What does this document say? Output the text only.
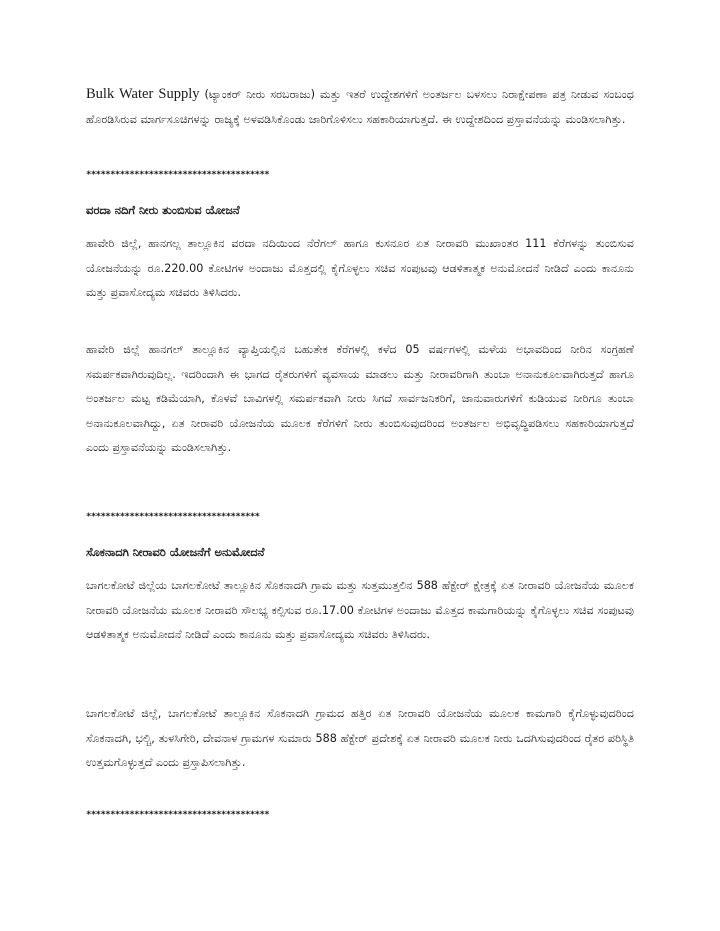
Bulk Water Supply (ಟ್ಯಾಂಕರ್ ನೀರು ಸರಬರಾಜು) ಮತ್ತು ಇತರೆ ಉದ್ದೇಶಗಳಿಗೆ ಅಂತರ್ಜಲ ಬಳಸಲು ನಿರಾಕ್ಷೇಪಣಾ ಪತ್ರ ನೀಡುವ ಸಂಬಂಧ ಹೊರಡಿಸಿರುವ ಮಾರ್ಗಸೂಚಿಗಳನ್ನು ರಾಜ್ಯಕ್ಕೆ ಅಳವಡಿಸಿಕೊಂಡು ಜಾರಿಗೊಳಿಸಲು ಸಹಕಾರಿಯಾಗುತ್ತದೆ. ಈ ಉದ್ದೇಶದಿಂದ ಪ್ರಸ್ತಾವನೆಯನ್ನು ಮಂಡಿಸಲಾಗಿತ್ತು.

**************************************
ವರದಾ ನದಿಗೆ ನೀರು ತುಂಬಿಸುವ ಯೋಜನೆ

ಹಾವೇರಿ ಜಿಲ್ಲೆ, ಹಾನಗಲ್ಲ ತಾಲ್ಲೂಕಿನ ವರದಾ ನದಿಯಿಂದ ನೆರೆಗಲ್ ಹಾಗೂ ಕುಸನೂರ ಏತ ನೀರಾವರಿ ಮುಖಾಂತರ 111 ಕೆರೆಗಳನ್ನು ತುಂಬಿಸುವ ಯೋಜನೆಯನ್ನು ರೂ.220.00 ಕೋಟಿಗಳ ಅಂದಾಜು ಮೊತ್ತದಲ್ಲಿ ಕೈಗೊಳ್ಳಲು ಸಚಿವ ಸಂಪುಟವು ಆಡಳಿತಾತ್ಮಕ ಅನುಮೋದನೆ ನೀಡಿದೆ ಎಂದು ಕಾನೂನು ಮತ್ತು ಪ್ರವಾಸೋದ್ಯಮ ಸಚಿವರು ತಿಳಿಸಿದರು.

ಹಾವೇರಿ ಜಿಲ್ಲೆ ಹಾನಗಲ್ ತಾಲ್ಲೂಕಿನ ವ್ಯಾಪ್ತಿಯಲ್ಲಿನ ಬಹುತೇಕ ಕೆರೆಗಳಲ್ಲಿ ಕಳೆದ 05 ವರ್ಷಗಳಲ್ಲಿ ಮಳೆಯ ಅಭಾವದಿಂದ ನೀರಿನ ಸಂಗ್ರಹಣೆ ಸಮರ್ಪಕವಾಗಿರುವುದಿಲ್ಲ. ಇದರಿಂದಾಗಿ ಈ ಭಾಗದ ರೈತರುಗಳಿಗೆ ವ್ಯವಸಾಯ ಮಾಡಲು ಮತ್ತು ನೀರಾವರಿಗಾಗಿ ತುಂಬಾ ಅನಾನುಕೂಲವಾಗಿರುತ್ತದೆ ಹಾಗೂ ಅಂತರ್ಜಲ ಮಟ್ಟ ಕಡಿಮೆಯಾಗಿ, ಕೊಳವೆ ಬಾವಿಗಳಲ್ಲಿ ಸಮರ್ಪಕವಾಗಿ ನೀರು ಸಿಗದೆ ಸಾರ್ವಜನಿಕರಿಗೆ, ಜಾನುವಾರುಗಳಿಗೆ ಕುಡಿಯುವ ನೀರಿಗೂ ತುಂಬಾ ಅನಾನುಕೂಲವಾಗಿದ್ದು, ಏತ ನೀರಾವರಿ ಯೋಜನೆಯ ಮೂಲಕ ಕೆರೆಗಳಿಗೆ ನೀರು ತುಂಬಿಸುವುದರಿಂದ ಅಂತರ್ಜಲ ಅಭಿವೃದ್ಧಿಪಡಿಸಲು ಸಹಕಾರಿಯಾಗುತ್ತದೆ ಎಂದು ಪ್ರಸ್ತಾವನೆಯನ್ನು ಮಂಡಿಸಲಾಗಿತ್ತು.

************************************
ಸೊಕನಾದಗಿ ನೀರಾವರಿ ಯೋಜನೆಗೆ ಅನುಮೋದನೆ

ಬಾಗಲಕೋಟೆ ಜಿಲ್ಲೆಯ ಬಾಗಲಕೋಟೆ ತಾಲ್ಲೂಕಿನ ಸೊಕನಾದಗಿ ಗ್ರಾಮ ಮತ್ತು ಸುತ್ತಮುತ್ತಲಿನ 588 ಹೆಕ್ಟೇರ್ ಕ್ಷೇತ್ರಕ್ಕೆ ಏತ ನೀರಾವರಿ ಯೋಜನೆಯ ಮೂಲಕ ನೀರಾವರಿ ಯೋಜನೆಯ ಮೂಲಕ ನೀರಾವರಿ ಸೌಲಭ್ಯ ಕಲ್ಪಿಸುವ ರೂ.17.00 ಕೋಟಿಗಳ ಅಂದಾಜು ಮೊತ್ತದ ಕಾಮಗಾರಿಯನ್ನು ಕೈಗೊಳ್ಳಲು ಸಚಿವ ಸಂಪುಟವು ಆಡಳಿತಾತ್ಮಕ ಅನುಮೋದನೆ ನೀಡಿದೆ ಎಂದು ಕಾನೂನು ಮತ್ತು ಪ್ರವಾಸೋದ್ಯಮ ಸಚಿವರು ತಿಳಿಸಿದರು.

ಬಾಗಲಕೋಟೆ ಜಿಲ್ಲೆ, ಬಾಗಲಕೋಟೆ ತಾಲ್ಲೂಕಿನ ಸೊಕನಾದಗಿ ಗ್ರಾಮದ ಹತ್ತಿರ ಏತ ನೀರಾವರಿ ಯೋಜನೆಯ ಮೂಲಕ ಕಾಮಗಾರಿ ಕೈಗೊಳ್ಳುವುದರಿಂದ ಸೊಕನಾದಗಿ, ಭಲ್ಚಿ, ತುಳಸಿಗೇರಿ, ದೇವನಾಳ ಗ್ರಾಮಗಳ ಸುಮಾರು 588 ಹೆಕ್ಟೇರ್ ಪ್ರದೇಶಕ್ಕೆ ಏತ ನೀರಾವರಿ ಮೂಲಕ ನೀರು ಒದಗಿಸುವುದರಿಂದ ರೈತರ ಪರಿಸ್ಥಿತಿ ಉತ್ತಮಗೊಳ್ಳುತ್ತದೆ ಎಂದು ಪ್ರಸ್ತಾಪಿಸಲಾಗಿತ್ತು.

**************************************
